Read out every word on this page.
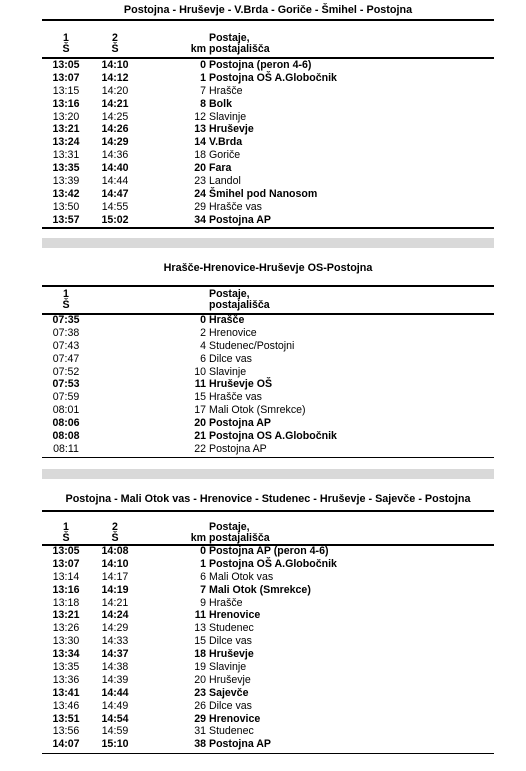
Postojna - Hruševje - V.Brda - Goriče - Šmihel - Postojna
1
Š
2
Š	km
Postaje,
postajališča
13:05	14:10	0 Postojna (peron 4-6)
13:07	14:12	1 Postojna OŠ A.Globočnik
13:15	14:20	7 Hrašče
13:16	14:21	8 Bolk
13:20	14:25	12 Slavinje
13:21	14:26	13 Hruševje
13:24	14:29	14 V.Brda
13:31	14:36	18 Goriče
13:35	14:40	20 Fara
13:39	14:44	23 Landol
13:42	14:47	24 Šmihel pod Nanosom
13:50	14:55	29 Hrašče vas
13:57	15:02	34 Postojna AP
Hrašče-Hrenovice-Hruševje OS-Postojna
1
Š
Postaje,
postajališča
07:35	0 Hrašče
07:38	2 Hrenovice
07:43	4 Studenec/Postojni
07:47	6 Dilce vas
07:52	10 Slavinje
07:53	11 Hruševje OŠ
07:59	15 Hrašče vas
08:01	17 Mali Otok (Smrekce)
08:06	20 Postojna AP
08:08	21 Postojna OS A.Globočnik
08:11	22 Postojna AP
Postojna - Mali Otok vas - Hrenovice - Studenec - Hruševje - Sajevče - Postojna
1
Š
2
Š	km
Postaje,
postajališča
13:05	14:08	0 Postojna AP (peron 4-6)
13:07	14:10	1 Postojna OŠ A.Globočnik
13:14	14:17	6 Mali Otok vas
13:16	14:19	7 Mali Otok (Smrekce)
13:18	14:21	9 Hrašče
13:21	14:24	11 Hrenovice
13:26	14:29	13 Studenec
13:30	14:33	15 Dilce vas
13:34	14:37	18 Hruševje
13:35	14:38	19 Slavinje
13:36	14:39	20 Hruševje
13:41	14:44	23 Sajevče
13:46	14:49	26 Dilce vas
13:51	14:54	29 Hrenovice
13:56	14:59	31 Studenec
14:07	15:10	38 Postojna AP
